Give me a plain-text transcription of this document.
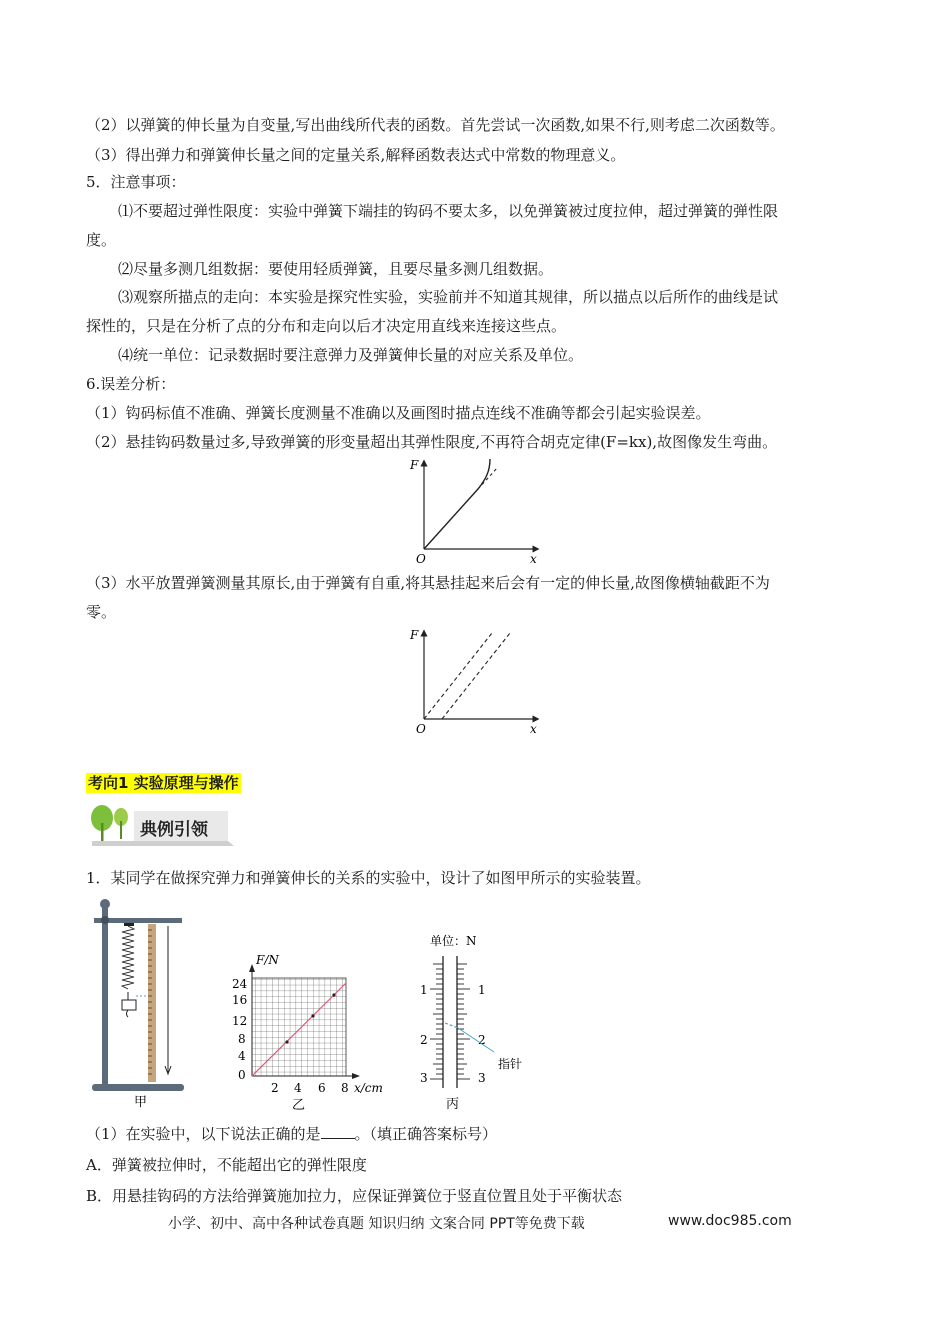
（2）以弹簧的伸长量为自变量,写出曲线所代表的函数。首先尝试一次函数,如果不行,则考虑二次函数等。
（3）得出弹力和弹簧伸长量之间的定量关系,解释函数表达式中常数的物理意义。
5．注意事项：
⑴不要超过弹性限度：实验中弹簧下端挂的钩码不要太多，以免弹簧被过度拉伸，超过弹簧的弹性限
度。
⑵尽量多测几组数据：要使用轻质弹簧，且要尽量多测几组数据。
⑶观察所描点的走向：本实验是探究性实验，实验前并不知道其规律，所以描点以后所作的曲线是试
探性的，只是在分析了点的分布和走向以后才决定用直线来连接这些点。
⑷统一单位：记录数据时要注意弹力及弹簧伸长量的对应关系及单位。
6.误差分析：
（1）钩码标值不准确、弹簧长度测量不准确以及画图时描点连线不准确等都会引起实验误差。
（2）悬挂钩码数量过多,导致弹簧的形变量超出其弹性限度,不再符合胡克定律(F=kx),故图像发生弯曲。
F
O	x
（3）水平放置弹簧测量其原长,由于弹簧有自重,将其悬挂起来后会有一定的伸长量,故图像横轴截距不为
零。
F
O	x
考向1 实验原理与操作
典例引领
1．某同学在做探究弹力和弹簧伸长的关系的实验中，设计了如图甲所示的实验装置。
甲
F/N
24
16
12
8
4
0
2 4 6 8 x/cm
乙
单位：N
1
2
3
1
2
3
指针
丙
（1）在实验中，以下说法正确的是 。（填正确答案标号）
A．弹簧被拉伸时，不能超出它的弹性限度
B．用悬挂钩码的方法给弹簧施加拉力，应保证弹簧位于竖直位置且处于平衡状态
小学、初中、高中各种试卷真题 知识归纳 文案合同 PPT等免费下载	www.doc985.com
